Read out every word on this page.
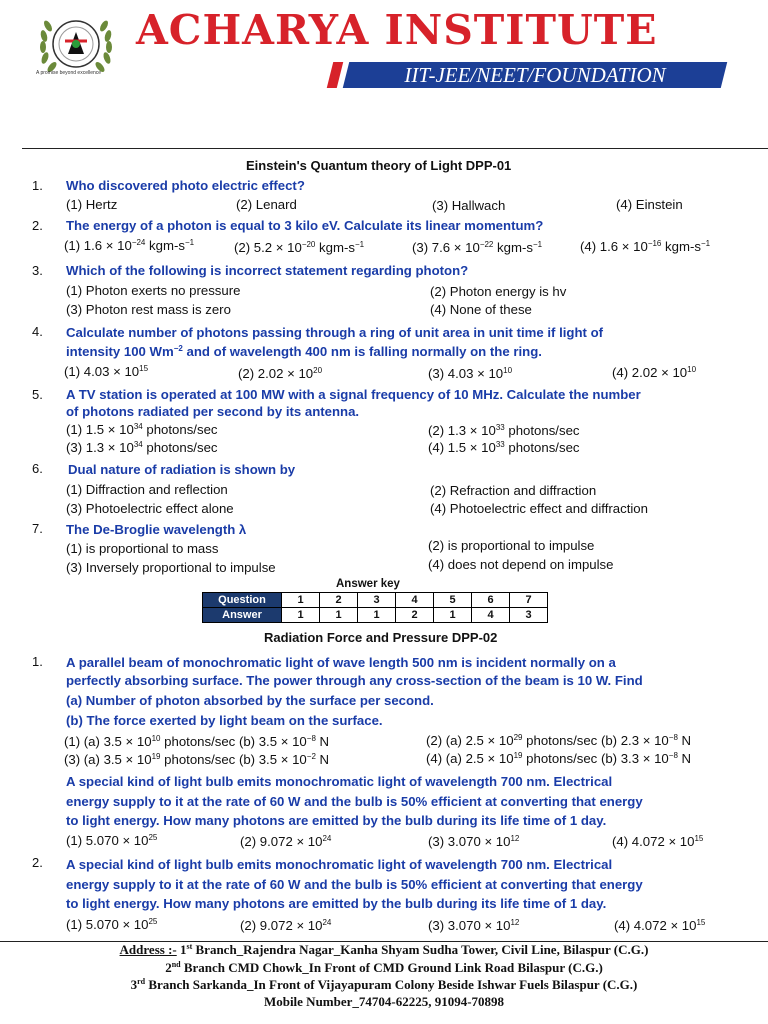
A promise beyond excellence
ACHARYA INSTITUTE
IIT-JEE/NEET/FOUNDATION
Einstein's Quantum theory of Light DPP-01
1. Who discovered photo electric effect?
(1) Hertz	(2) Lenard	(3) Hallwach	(4) Einstein
2. The energy of a photon is equal to 3 kilo eV. Calculate its linear momentum?
(1) $1.6 \times 10^{-24}$ kgm-$s^{-1}$	(2) $5.2 \times 10^{-20}$ kgm-$s^{-1}$	(3) $7.6 \times 10^{-22}$ kgm-$s^{-1}$	(4) $1.6 \times 10^{-16}$ kgm-$s^{-1}$
3. Which of the following is incorrect statement regarding photon?
(1) Photon exerts no pressure	(2) Photon energy is hv
(3) Photon rest mass is zero	(4) None of these
4. Calculate number of photons passing through a ring of unit area in unit time if light of
intensity 100 $Wm^{-2}$ and of wavelength 400 nm is falling normally on the ring.
(1) $4.03 \times 10^{15}$	(2) $2.02 \times 10^{20}$	(3) $4.03 \times 10^{10}$	(4) $2.02 \times 10^{10}$
5. A TV station is operated at 100 MW with a signal frequency of 10 MHz. Calculate the number
of photons radiated per second by its antenna.
(1) $1.5 \times 10^{34}$ photons/sec	(2) $1.3 \times 10^{33}$ photons/sec
(3) $1.3 \times 10^{34}$ photons/sec	(4) $1.5 \times 10^{33}$ photons/sec
6. Dual nature of radiation is shown by
(1) Diffraction and reflection	(2) Refraction and diffraction
(3) Photoelectric effect alone	(4) Photoelectric effect and diffraction
7. The De-Broglie wavelength λ
(1) is proportional to mass	(2) is proportional to impulse
(3) Inversely proportional to impulse	(4) does not depend on impulse
Answer key
Question	1	2	3	4	5	6	7
Answer	1	1	1	2	1	4	3
Radiation Force and Pressure DPP-02
1. A parallel beam of monochromatic light of wave length 500 nm is incident normally on a
perfectly absorbing surface. The power through any cross-section of the beam is 10 W. Find
(a) Number of photon absorbed by the surface per second.
(b) The force exerted by light beam on the surface.
(1) (a) $3.5 \times 10^{10}$ photons/sec (b) $3.5 \times 10^{-8}$ N	(2) (a) $2.5 \times 10^{29}$ photons/sec (b) $2.3 \times 10^{-8}$ N
(3) (a) $3.5 \times 10^{19}$ photons/sec (b) $3.5 \times 10^{-2}$ N	(4) (a) $2.5 \times 10^{19}$ photons/sec (b) $3.3 \times 10^{-8}$ N
A special kind of light bulb emits monochromatic light of wavelength 700 nm. Electrical
energy supply to it at the rate of 60 W and the bulb is 50% efficient at converting that energy
to light energy. How many photons are emitted by the bulb during its life time of 1 day.
(1) $5.070 \times 10^{25}$	(2) $9.072 \times 10^{24}$	(3) $3.070 \times 10^{12}$	(4) $4.072 \times 10^{15}$
2. A special kind of light bulb emits monochromatic light of wavelength 700 nm. Electrical
energy supply to it at the rate of 60 W and the bulb is 50% efficient at converting that energy
to light energy. How many photons are emitted by the bulb during its life time of 1 day.
(1) $5.070 \times 10^{25}$	(2) $9.072 \times 10^{24}$	(3) $3.070 \times 10^{12}$	(4) $4.072 \times 10^{15}$
Address :- 1st Branch_Rajendra Nagar_Kanha Shyam Sudha Tower, Civil Line, Bilaspur (C.G.)
2nd Branch CMD Chowk_In Front of CMD Ground Link Road Bilaspur (C.G.)
3rd Branch Sarkanda_In Front of Vijayapuram Colony Beside Ishwar Fuels Bilaspur (C.G.)
Mobile Number_74704-62225, 91094-70898
